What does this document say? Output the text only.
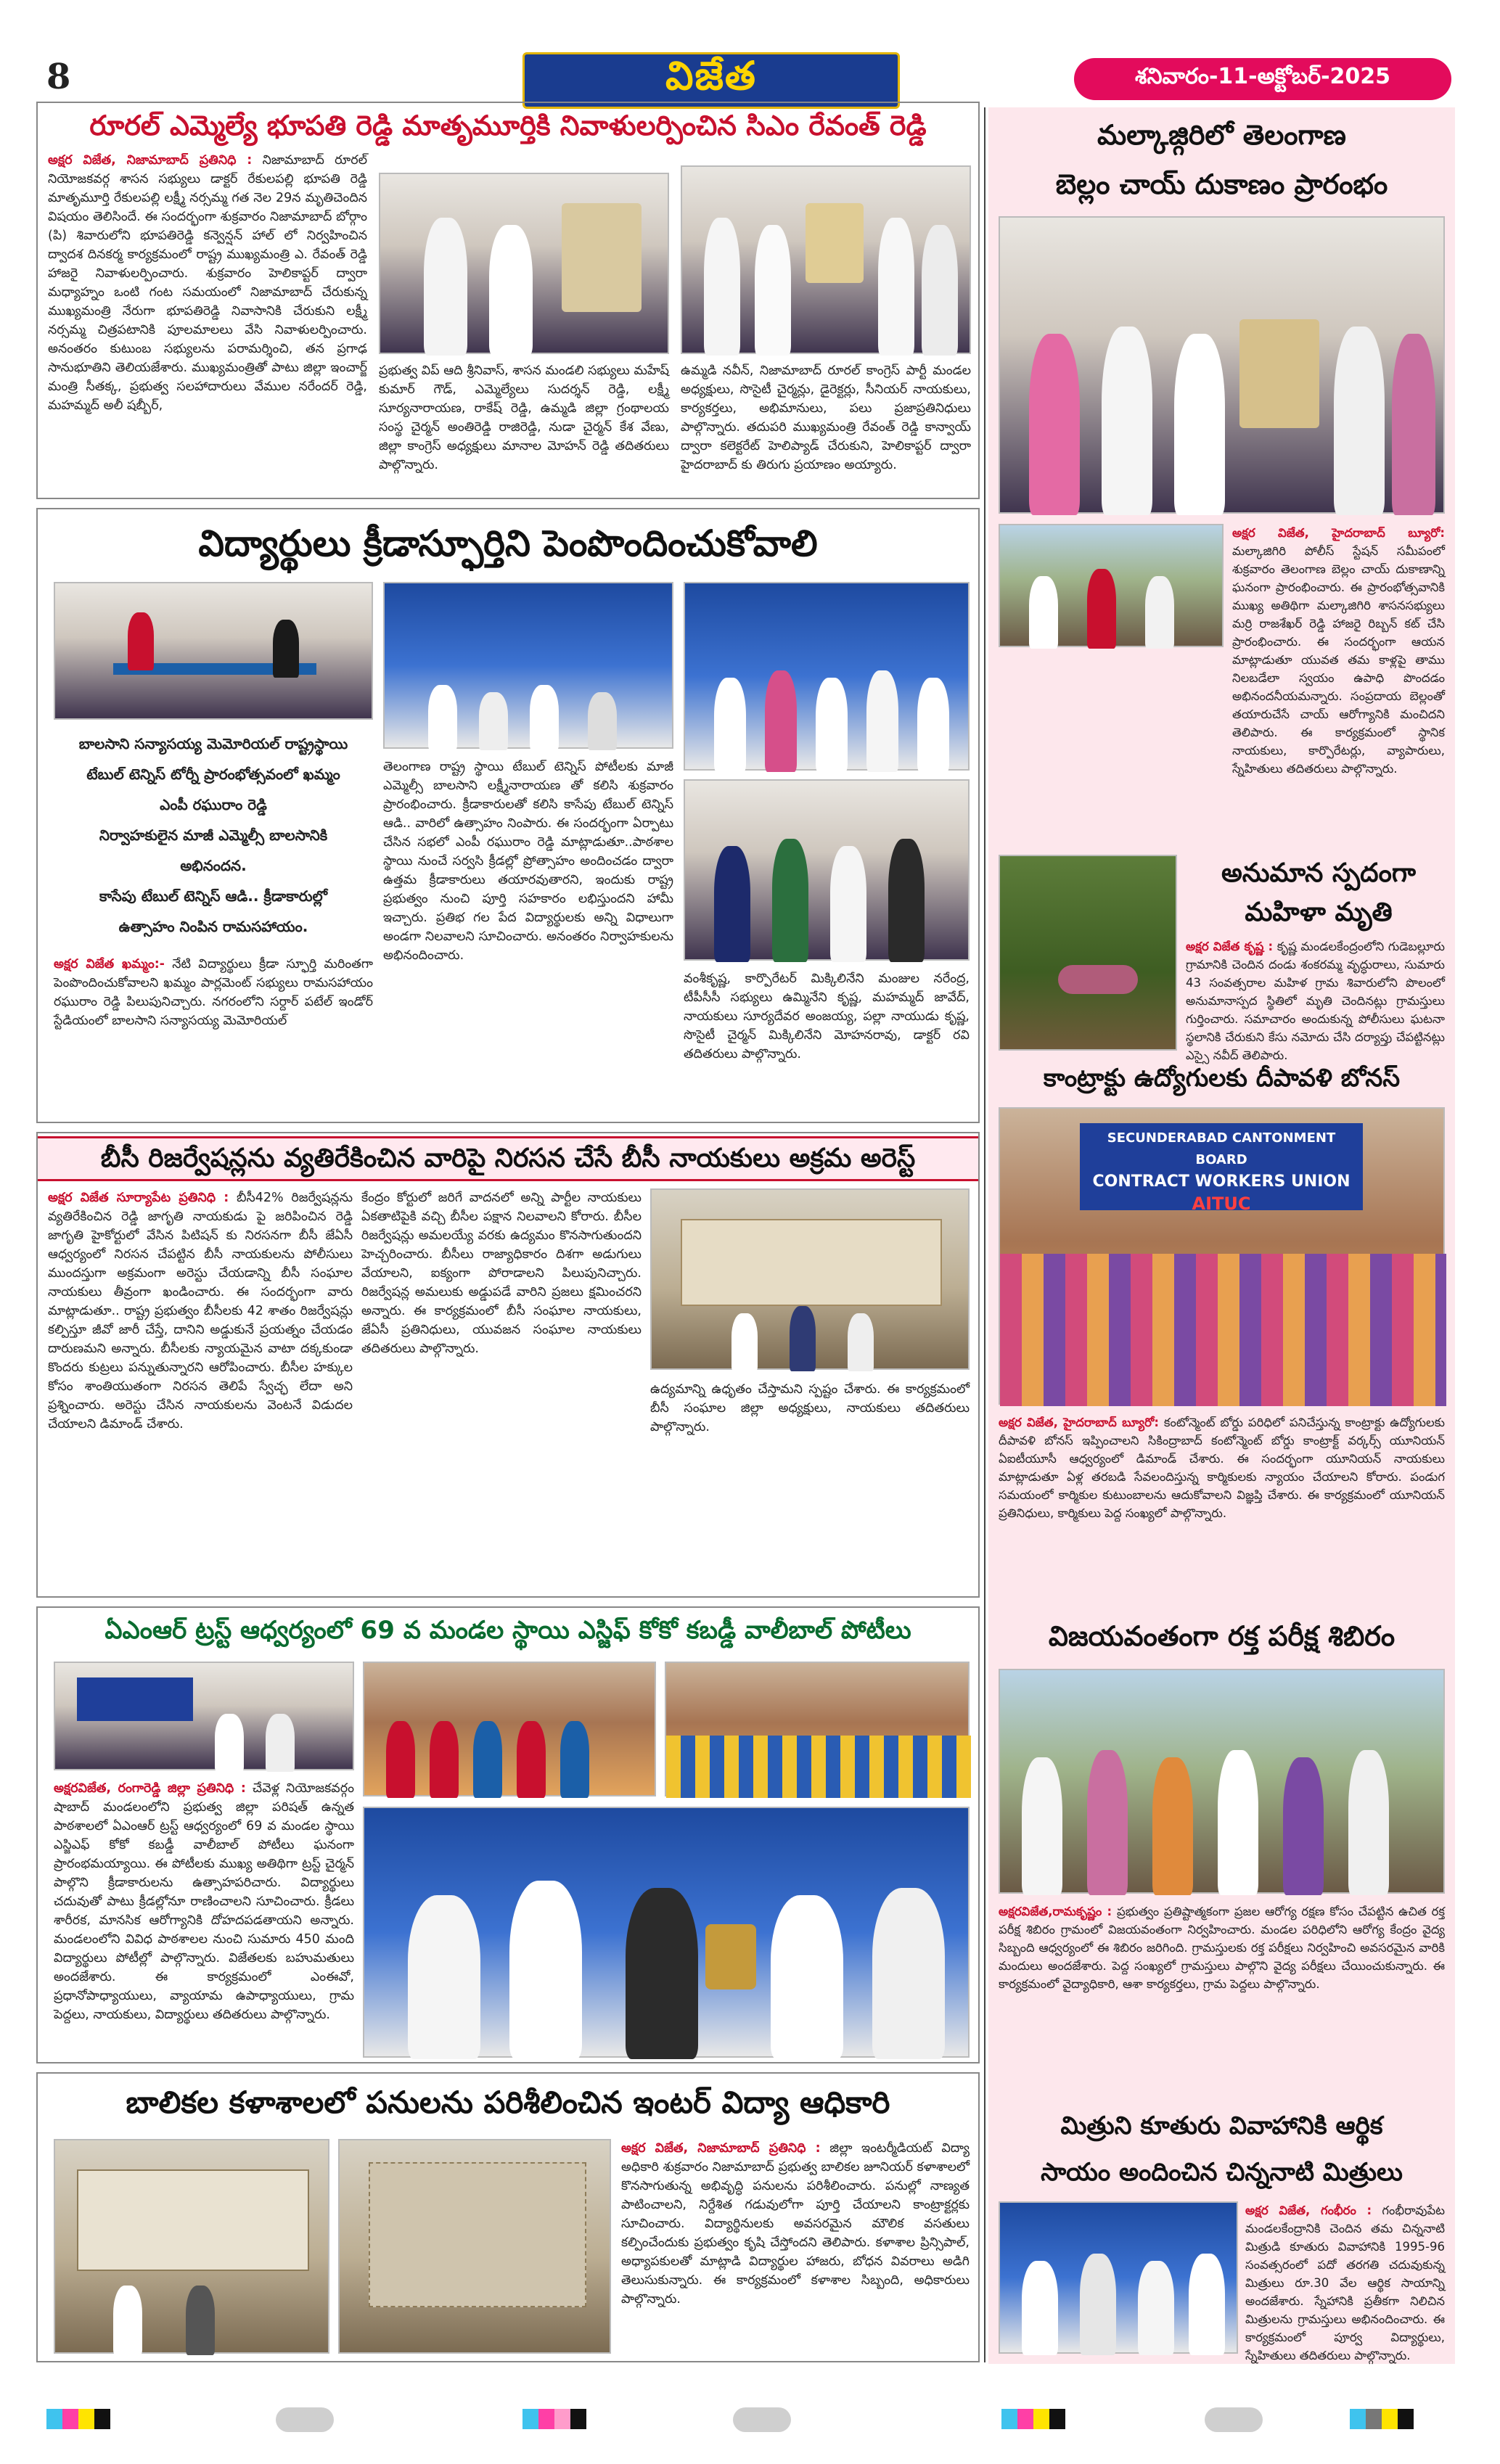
8	విజేత	శనివారం-11-అక్టోబర్-2025
రూరల్ ఎమ్మెల్యే భూపతి రెడ్డి మాతృమూర్తికి నివాళులర్పించిన సిఎం రేవంత్ రెడ్డి
అక్షర విజేత, నిజామాబాద్ ప్రతినిధి : నిజామాబాద్ రూరల్ నియోజకవర్గ శాసన సభ్యులు డాక్టర్ రేకులపల్లి భూపతి రెడ్డి మాతృమూర్తి రేకులపల్లి లక్ష్మీ నర్సమ్మ గత నెల 29న మృతిచెందిన విషయం తెలిసిందే. ఈ సందర్భంగా శుక్రవారం నిజామాబాద్ బోర్గాం (పి) శివారులోని భూపతిరెడ్డి కన్వెన్షన్ హాల్ లో నిర్వహించిన ద్వాదశ దినకర్మ కార్యక్రమంలో రాష్ట్ర ముఖ్యమంత్రి ఎ. రేవంత్ రెడ్డి హాజరై నివాళులర్పించారు. శుక్రవారం హెలికాప్టర్ ద్వారా మధ్యాహ్నం ఒంటి గంట సమయంలో నిజామాబాద్ చేరుకున్న ముఖ్యమంత్రి నేరుగా భూపతిరెడ్డి నివాసానికి చేరుకుని లక్ష్మీ నర్సమ్మ చిత్రపటానికి పూలమాలలు వేసి నివాళులర్పించారు. అనంతరం కుటుంబ సభ్యులను పరామర్శించి, తన ప్రగాఢ సానుభూతిని తెలియజేశారు. ముఖ్యమంత్రితో పాటు జిల్లా ఇంచార్జ్ మంత్రి సీతక్క, ప్రభుత్వ సలహాదారులు వేముల నరేందర్ రెడ్డి, మహమ్మద్ అలీ షబ్బీర్,
ప్రభుత్వ విప్ ఆది శ్రీనివాస్, శాసన మండలి సభ్యులు మహేష్ కుమార్ గౌడ్, ఎమ్మెల్యేలు సుదర్శన్ రెడ్డి, లక్ష్మీ సూర్యనారాయణ, రాకేష్ రెడ్డి, ఉమ్మడి జిల్లా గ్రంథాలయ సంస్థ చైర్మన్ అంతిరెడ్డి రాజిరెడ్డి, నుడా చైర్మన్ కేశ వేణు, జిల్లా కాంగ్రెస్ అధ్యక్షులు మానాల మోహన్ రెడ్డి తదితరులు పాల్గొన్నారు.
ఉమ్మడి నవీన్, నిజామాబాద్ రూరల్ కాంగ్రెస్ పార్టీ మండల అధ్యక్షులు, సొసైటీ చైర్మన్లు, డైరెక్టర్లు, సీనియర్ నాయకులు, కార్యకర్తలు, అభిమానులు, పలు ప్రజాప్రతినిధులు పాల్గొన్నారు. తదుపరి ముఖ్యమంత్రి రేవంత్ రెడ్డి కాన్వాయ్ ద్వారా కలెక్టరేట్ హెలిప్యాడ్ చేరుకుని, హెలికాప్టర్ ద్వారా హైదరాబాద్ కు తిరుగు ప్రయాణం అయ్యారు.
విద్యార్థులు క్రీడాస్ఫూర్తిని పెంపొందించుకోవాలి
బాలసాని సన్యాసయ్య మెమోరియల్ రాష్ట్రస్థాయి
టేబుల్ టెన్నిస్ టోర్నీ ప్రారంభోత్సవంలో ఖమ్మం
ఎంపీ రఘురాం రెడ్డి
నిర్వాహకులైన మాజీ ఎమ్మెల్సీ బాలసానికి
అభినందన.
కాసేపు టేబుల్ టెన్నిస్ ఆడి.. క్రీడాకారుల్లో
ఉత్సాహం నింపిన రామసహాయం.
అక్షర విజేత ఖమ్మం:- నేటి విద్యార్థులు క్రీడా స్ఫూర్తి మరింతగా పెంపొందించుకోవాలని ఖమ్మం పార్లమెంట్ సభ్యులు రామసహాయం రఘురాం రెడ్డి పిలుపునిచ్చారు. నగరంలోని సర్దార్ పటేల్ ఇండోర్ స్టేడియంలో బాలసాని సన్యాసయ్య మెమోరియల్
తెలంగాణ రాష్ట్ర స్థాయి టేబుల్ టెన్నిస్ పోటీలకు మాజీ ఎమ్మెల్సీ బాలసాని లక్ష్మీనారాయణ తో కలిసి శుక్రవారం ప్రారంభించారు. క్రీడాకారులతో కలిసి కాసేపు టేబుల్ టెన్నిస్ ఆడి.. వారిలో ఉత్సాహం నింపారు. ఈ సందర్భంగా ఏర్పాటు చేసిన సభలో ఎంపీ రఘురాం రెడ్డి మాట్లాడుతూ..పాఠశాల స్థాయి నుంచే సర్వసి క్రీడల్లో ప్రోత్సాహం అందించడం ద్వారా ఉత్తమ క్రీడాకారులు తయారవుతారని, ఇందుకు రాష్ట్ర ప్రభుత్వం నుంచి పూర్తి సహకారం లభిస్తుందని హామీ ఇచ్చారు. ప్రతిభ గల పేద విద్యార్థులకు అన్ని విధాలుగా అండగా నిలవాలని సూచించారు. అనంతరం నిర్వాహకులను అభినందించారు.
వంశీకృష్ణ, కార్పొరేటర్ మిక్కిలినేని మంజుల నరేంద్ర, టీపీసీసీ సభ్యులు ఉమ్మినేని కృష్ణ, మహమ్మద్ జావేద్, నాయకులు సూర్యదేవర అంజయ్య, పల్లా నాయుడు కృష్ణ, సొసైటీ చైర్మన్ మిక్కిలినేని మోహనరావు, డాక్టర్ రవి తదితరులు పాల్గొన్నారు.
బీసీ రిజర్వేషన్లను వ్యతిరేకించిన వారిపై నిరసన చేసే బీసీ నాయకులు అక్రమ అరెస్ట్
అక్షర విజేత సూర్యాపేట ప్రతినిధి : బీసీ42% రిజర్వేషన్లను వ్యతిరేకించిన రెడ్డి జాగృతి నాయకుడు పై జరిపించిన రెడ్డి జాగృతి హైకోర్టులో వేసిన పిటిషన్ కు నిరసనగా బీసీ జేఏసీ ఆధ్వర్యంలో నిరసన చేపట్టిన బీసీ నాయకులను పోలీసులు ముందస్తుగా అక్రమంగా అరెస్టు చేయడాన్ని బీసీ సంఘాల నాయకులు తీవ్రంగా ఖండించారు. ఈ సందర్భంగా వారు మాట్లాడుతూ.. రాష్ట్ర ప్రభుత్వం బీసీలకు 42 శాతం రిజర్వేషన్లు కల్పిస్తూ జీవో జారీ చేస్తే, దానిని అడ్డుకునే ప్రయత్నం చేయడం దారుణమని అన్నారు. బీసీలకు న్యాయమైన వాటా దక్కకుండా కొందరు కుట్రలు పన్నుతున్నారని ఆరోపించారు. బీసీల హక్కుల కోసం శాంతియుతంగా నిరసన తెలిపే స్వేచ్ఛ లేదా అని ప్రశ్నించారు. అరెస్టు చేసిన నాయకులను వెంటనే విడుదల చేయాలని డిమాండ్ చేశారు.
కేంద్రం కోర్టులో జరిగే వాదనలో అన్ని పార్టీల నాయకులు ఏకతాటిపైకి వచ్చి బీసీల పక్షాన నిలవాలని కోరారు. బీసీల రిజర్వేషన్లు అమలయ్యే వరకు ఉద్యమం కొనసాగుతుందని హెచ్చరించారు. బీసీలు రాజ్యాధికారం దిశగా అడుగులు వేయాలని, ఐక్యంగా పోరాడాలని పిలుపునిచ్చారు. రిజర్వేషన్ల అమలుకు అడ్డుపడే వారిని ప్రజలు క్షమించరని అన్నారు. ఈ కార్యక్రమంలో బీసీ సంఘాల నాయకులు, జేఏసీ ప్రతినిధులు, యువజన సంఘాల నాయకులు తదితరులు పాల్గొన్నారు.
ఉద్యమాన్ని ఉధృతం చేస్తామని స్పష్టం చేశారు. ఈ కార్యక్రమంలో బీసీ సంఘాల జిల్లా అధ్యక్షులు, నాయకులు తదితరులు పాల్గొన్నారు.
ఏఎంఆర్ ట్రస్ట్ ఆధ్వర్యంలో 69 వ మండల స్థాయి ఎస్జిఫ్ కోకో కబడ్డీ వాలీబాల్ పోటీలు
అక్షరవిజేత, రంగారెడ్డి జిల్లా ప్రతినిధి : చేవెళ్ల నియోజకవర్గం షాబాద్ మండలంలోని ప్రభుత్వ జిల్లా పరిషత్ ఉన్నత పాఠశాలలో ఏఎంఆర్ ట్రస్ట్ ఆధ్వర్యంలో 69 వ మండల స్థాయి ఎస్జిఎఫ్ కోకో కబడ్డీ వాలీబాల్ పోటీలు ఘనంగా ప్రారంభమయ్యాయి. ఈ పోటీలకు ముఖ్య అతిథిగా ట్రస్ట్ చైర్మన్ పాల్గొని క్రీడాకారులను ఉత్సాహపరిచారు. విద్యార్థులు చదువుతో పాటు క్రీడల్లోనూ రాణించాలని సూచించారు. క్రీడలు శారీరక, మానసిక ఆరోగ్యానికి దోహదపడతాయని అన్నారు. మండలంలోని వివిధ పాఠశాలల నుంచి సుమారు 450 మంది విద్యార్థులు పోటీల్లో పాల్గొన్నారు. విజేతలకు బహుమతులు అందజేశారు. ఈ కార్యక్రమంలో ఎంఈవో, ప్రధానోపాధ్యాయులు, వ్యాయామ ఉపాధ్యాయులు, గ్రామ పెద్దలు, నాయకులు, విద్యార్థులు తదితరులు పాల్గొన్నారు.
బాలికల కళాశాలలో పనులను పరిశీలించిన ఇంటర్ విద్యా ఆధికారి
అక్షర విజేత, నిజామాబాద్ ప్రతినిధి : జిల్లా ఇంటర్మీడియట్ విద్యా అధికారి శుక్రవారం నిజామాబాద్ ప్రభుత్వ బాలికల జూనియర్ కళాశాలలో కొనసాగుతున్న అభివృద్ధి పనులను పరిశీలించారు. పనుల్లో నాణ్యత పాటించాలని, నిర్దేశిత గడువులోగా పూర్తి చేయాలని కాంట్రాక్టర్లకు సూచించారు. విద్యార్థినులకు అవసరమైన మౌలిక వసతులు కల్పించేందుకు ప్రభుత్వం కృషి చేస్తోందని తెలిపారు. కళాశాల ప్రిన్సిపాల్, అధ్యాపకులతో మాట్లాడి విద్యార్థుల హాజరు, బోధన వివరాలు అడిగి తెలుసుకున్నారు. ఈ కార్యక్రమంలో కళాశాల సిబ్బంది, అధికారులు పాల్గొన్నారు.
మల్కాజ్గిరిలో తెలంగాణ
బెల్లం చాయ్ దుకాణం ప్రారంభం
అక్షర విజేత, హైదరాబాద్ బ్యూరో: మల్కాజిగిరి పోలీస్ స్టేషన్ సమీపంలో శుక్రవారం తెలంగాణ బెల్లం చాయ్ దుకాణాన్ని ఘనంగా ప్రారంభించారు. ఈ ప్రారంభోత్సవానికి ముఖ్య అతిథిగా మల్కాజిగిరి శాసనసభ్యులు మర్రి రాజశేఖర్ రెడ్డి హాజరై రిబ్బన్ కట్ చేసి ప్రారంభించారు. ఈ సందర్భంగా ఆయన మాట్లాడుతూ యువత తమ కాళ్లపై తాము నిలబడేలా స్వయం ఉపాధి పొందడం అభినందనీయమన్నారు. సంప్రదాయ బెల్లంతో తయారుచేసే చాయ్ ఆరోగ్యానికి మంచిదని తెలిపారు. ఈ కార్యక్రమంలో స్థానిక నాయకులు, కార్పొరేటర్లు, వ్యాపారులు, స్నేహితులు తదితరులు పాల్గొన్నారు.
అనుమాన స్పదంగా
మహిళా మృతి
అక్షర విజేత కృష్ణ : కృష్ణ మండలకేంద్రంలోని గుడెబల్లూరు గ్రామానికి చెందిన దండు శంకరమ్మ వృద్ధురాలు, సుమారు 43 సంవత్సరాల మహిళ గ్రామ శివారులోని పొలంలో అనుమానాస్పద స్థితిలో మృతి చెందినట్లు గ్రామస్తులు గుర్తించారు. సమాచారం అందుకున్న పోలీసులు ఘటనా స్థలానికి చేరుకుని కేసు నమోదు చేసి దర్యాప్తు చేపట్టినట్లు ఎస్సై నవీద్ తెలిపారు.
కాంట్రాక్టు ఉద్యోగులకు దీపావళి బోనస్
SECUNDERABAD CANTONMENT BOARD
CONTRACT WORKERS UNION
AITUC
అక్షర విజేత, హైదరాబాద్ బ్యూరో: కంటోన్మెంట్ బోర్డు పరిధిలో పనిచేస్తున్న కాంట్రాక్టు ఉద్యోగులకు దీపావళి బోనస్ ఇప్పించాలని సికింద్రాబాద్ కంటోన్మెంట్ బోర్డు కాంట్రాక్ట్ వర్కర్స్ యూనియన్ ఏఐటీయూసీ ఆధ్వర్యంలో డిమాండ్ చేశారు. ఈ సందర్భంగా యూనియన్ నాయకులు మాట్లాడుతూ ఏళ్ల తరబడి సేవలందిస్తున్న కార్మికులకు న్యాయం చేయాలని కోరారు. పండుగ సమయంలో కార్మికుల కుటుంబాలను ఆదుకోవాలని విజ్ఞప్తి చేశారు. ఈ కార్యక్రమంలో యూనియన్ ప్రతినిధులు, కార్మికులు పెద్ద సంఖ్యలో పాల్గొన్నారు.
విజయవంతంగా రక్త పరీక్ష శిబిరం
అక్షరవిజేత,రామకృష్ణం : ప్రభుత్వం ప్రతిష్టాత్మకంగా ప్రజల ఆరోగ్య రక్షణ కోసం చేపట్టిన ఉచిత రక్త పరీక్ష శిబిరం గ్రామంలో విజయవంతంగా నిర్వహించారు. మండల పరిధిలోని ఆరోగ్య కేంద్రం వైద్య సిబ్బంది ఆధ్వర్యంలో ఈ శిబిరం జరిగింది. గ్రామస్తులకు రక్త పరీక్షలు నిర్వహించి అవసరమైన వారికి మందులు అందజేశారు. పెద్ద సంఖ్యలో గ్రామస్తులు పాల్గొని వైద్య పరీక్షలు చేయించుకున్నారు. ఈ కార్యక్రమంలో వైద్యాధికారి, ఆశా కార్యకర్తలు, గ్రామ పెద్దలు పాల్గొన్నారు.
మిత్రుని కూతురు వివాహానికి ఆర్థిక
సాయం అందించిన చిన్ననాటి మిత్రులు
అక్షర విజేత, గంభీరం : గంభీరావుపేట మండలకేంద్రానికి చెందిన తమ చిన్ననాటి మిత్రుడి కూతురు వివాహానికి 1995-96 సంవత్సరంలో పదో తరగతి చదువుకున్న మిత్రులు రూ.30 వేల ఆర్థిక సాయాన్ని అందజేశారు. స్నేహానికి ప్రతీకగా నిలిచిన మిత్రులను గ్రామస్తులు అభినందించారు. ఈ కార్యక్రమంలో పూర్వ విద్యార్థులు, స్నేహితులు తదితరులు పాల్గొన్నారు.
